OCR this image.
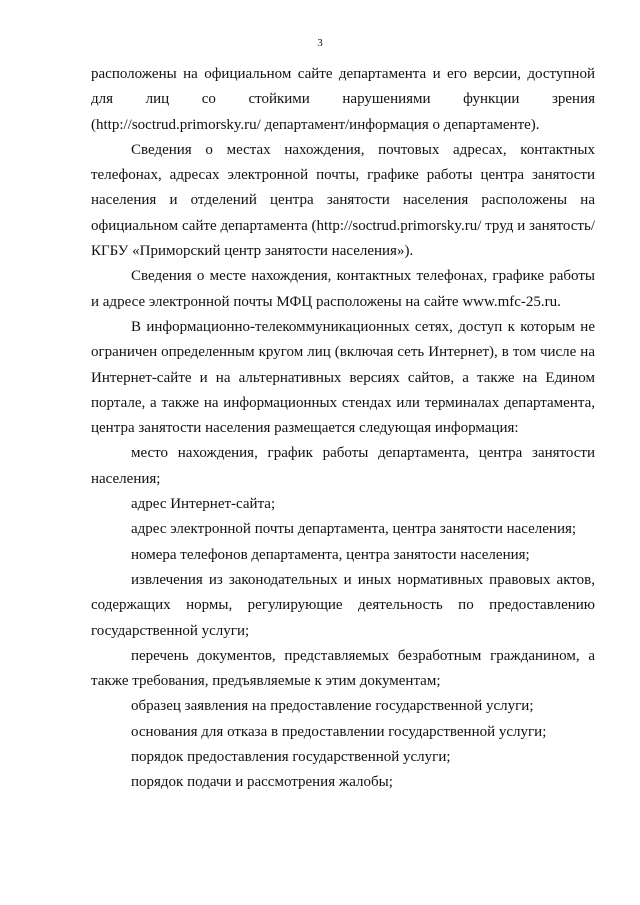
3

расположены на официальном сайте департамента и его версии, доступной для лиц со стойкими нарушениями функции зрения (http://soctrud.primorsky.ru/ департамент/информация о департаменте).

Сведения о местах нахождения, почтовых адресах, контактных телефонах, адресах электронной почты, графике работы центра занятости населения и отделений центра занятости населения расположены на официальном сайте департамента (http://soctrud.primorsky.ru/ труд и занятость/КГБУ «Приморский центр занятости населения»).

Сведения о месте нахождения, контактных телефонах, графике работы и адресе электронной почты МФЦ расположены на сайте www.mfc-25.ru.

В информационно-телекоммуникационных сетях, доступ к которым не ограничен определенным кругом лиц (включая сеть Интернет), в том числе на Интернет-сайте и на альтернативных версиях сайтов, а также на Едином портале, а также на информационных стендах или терминалах департамента, центра занятости населения размещается следующая информация:

место нахождения, график работы департамента, центра занятости населения;

адрес Интернет-сайта;

адрес электронной почты департамента, центра занятости населения;

номера телефонов департамента, центра занятости населения;

извлечения из законодательных и иных нормативных правовых актов, содержащих нормы, регулирующие деятельность по предоставлению государственной услуги;

перечень документов, представляемых безработным гражданином, а также требования, предъявляемые к этим документам;

образец заявления на предоставление государственной услуги;

основания для отказа в предоставлении государственной услуги;

порядок предоставления государственной услуги;

порядок подачи и рассмотрения жалобы;
